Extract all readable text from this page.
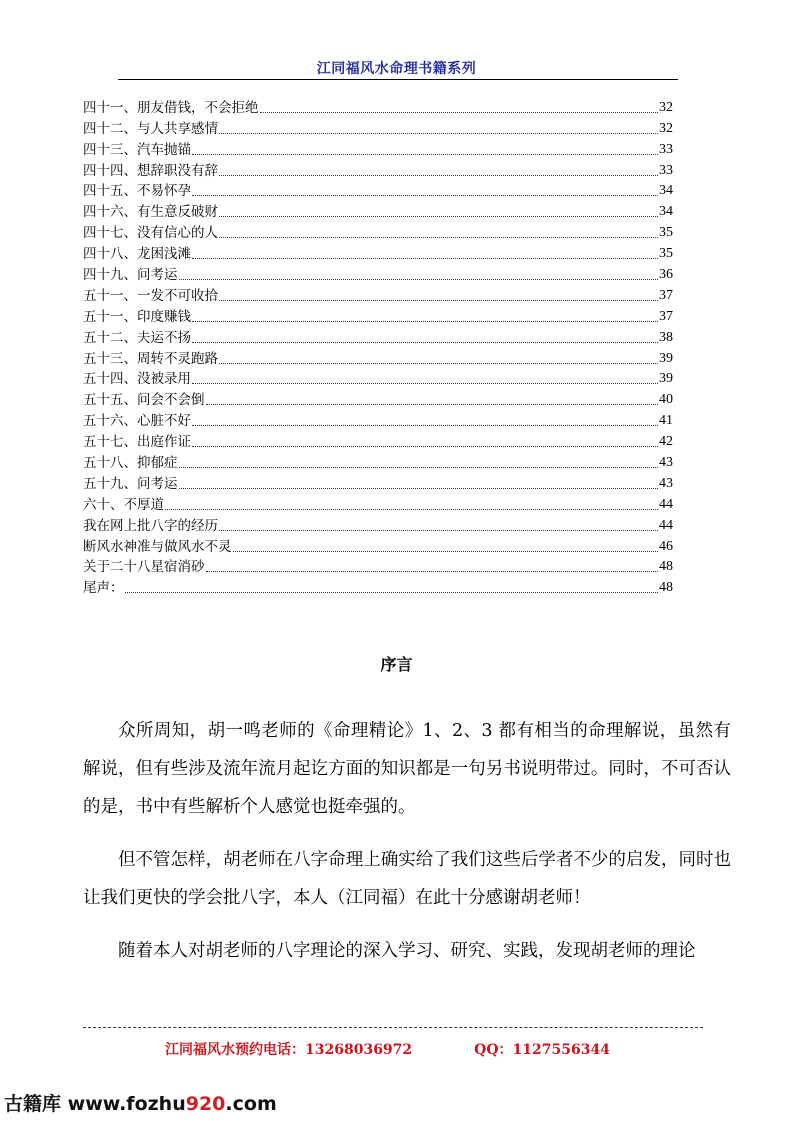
江同福风水命理书籍系列
四十一、朋友借钱，不会拒绝	32
四十二、与人共享感情	32
四十三、汽车抛锚	33
四十四、想辞职没有辞	33
四十五、不易怀孕	34
四十六、有生意反破财	34
四十七、没有信心的人	35
四十八、龙困浅滩	35
四十九、问考运	36
五十一、一发不可收拾	37
五十一、印度赚钱	37
五十二、夫运不扬	38
五十三、周转不灵跑路	39
五十四、没被录用	39
五十五、问会不会倒	40
五十六、心脏不好	41
五十七、出庭作证	42
五十八、抑郁症	43
五十九、问考运	43
六十、不厚道	44
我在网上批八字的经历	44
断风水神准与做风水不灵	46
关于二十八星宿消砂	48
尾声：	48
序言

众所周知，胡一鸣老师的《命理精论》1、2、3 都有相当的命理解说，虽然有解说，但有些涉及流年流月起讫方面的知识都是一句另书说明带过。同时，不可否认的是，书中有些解析个人感觉也挺牵强的。

但不管怎样，胡老师在八字命理上确实给了我们这些后学者不少的启发，同时也让我们更快的学会批八字，本人（江同福）在此十分感谢胡老师！

随着本人对胡老师的八字理论的深入学习、研究、实践，发现胡老师的理论

江同福风水预约电话：13268036972	QQ：1127556344
古籍库 www.fozhu920.com
